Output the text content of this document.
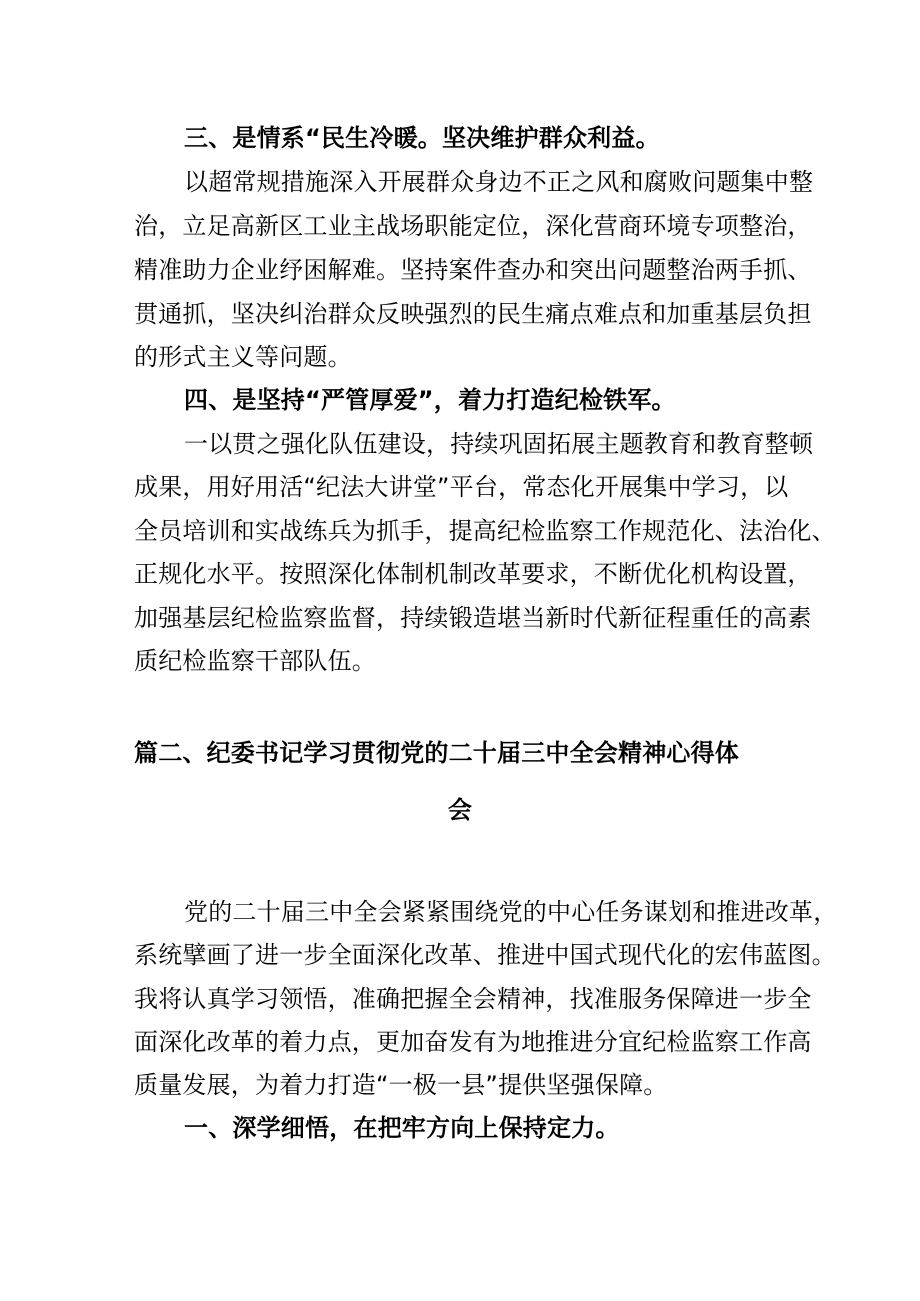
三、是情系“民生冷暖。坚决维护群众利益。
以超常规措施深入开展群众身边不正之风和腐败问题集中整
治，立足高新区工业主战场职能定位，深化营商环境专项整治，
精准助力企业纾困解难。坚持案件查办和突出问题整治两手抓、
贯通抓，坚决纠治群众反映强烈的民生痛点难点和加重基层负担
的形式主义等问题。
四、是坚持“严管厚爱”，着力打造纪检铁军。
一以贯之强化队伍建设，持续巩固拓展主题教育和教育整顿
成果，用好用活“纪法大讲堂”平台，常态化开展集中学习，以
全员培训和实战练兵为抓手，提高纪检监察工作规范化、法治化、
正规化水平。按照深化体制机制改革要求，不断优化机构设置，
加强基层纪检监察监督，持续锻造堪当新时代新征程重任的高素
质纪检监察干部队伍。
篇二、纪委书记学习贯彻党的二十届三中全会精神心得体
会
党的二十届三中全会紧紧围绕党的中心任务谋划和推进改革，
系统擘画了进一步全面深化改革、推进中国式现代化的宏伟蓝图。
我将认真学习领悟，准确把握全会精神，找准服务保障进一步全
面深化改革的着力点，更加奋发有为地推进分宜纪检监察工作高
质量发展，为着力打造“一极一县”提供坚强保障。
一、深学细悟，在把牢方向上保持定力。
